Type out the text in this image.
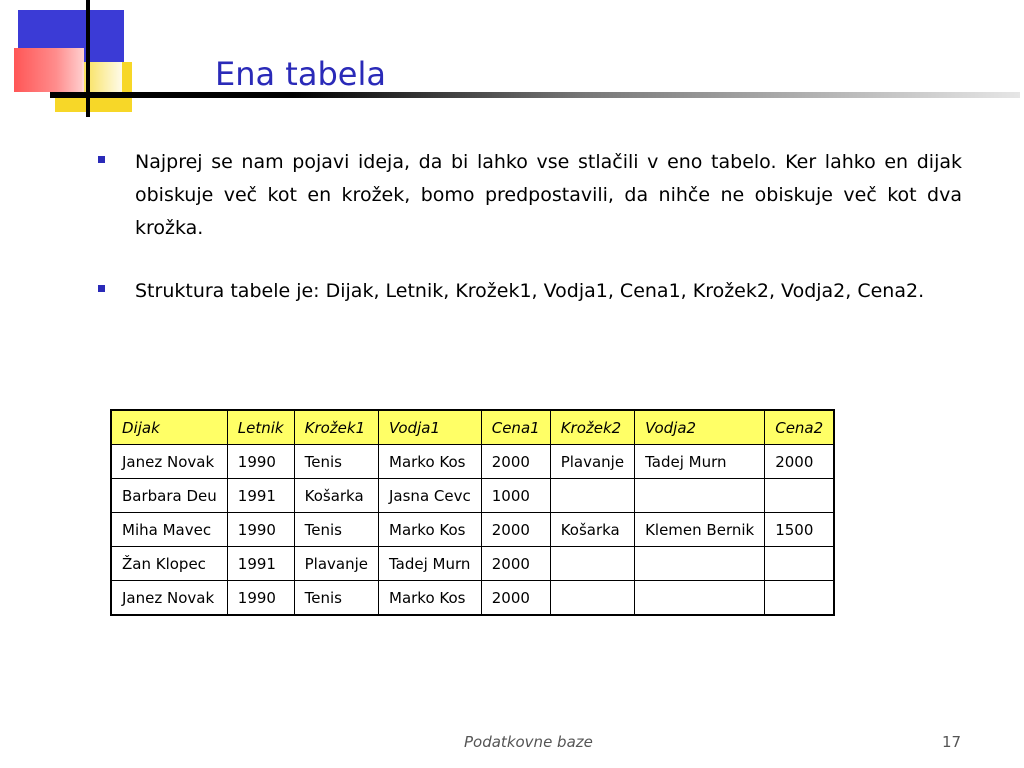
Ena tabela
Najprej se nam pojavi ideja, da bi lahko vse stlačili v eno tabelo. Ker lahko en dijak obiskuje več kot en krožek, bomo predpostavili, da nihče ne obiskuje več kot dva krožka.
Struktura tabele je: Dijak, Letnik, Krožek1, Vodja1, Cena1, Krožek2, Vodja2, Cena2.
Dijak	Letnik	Krožek1	Vodja1	Cena1	Krožek2	Vodja2	Cena2
Janez Novak	1990	Tenis	Marko Kos	2000	Plavanje	Tadej Murn	2000
Barbara Deu	1991	Košarka	Jasna Cevc	1000			
Miha Mavec	1990	Tenis	Marko Kos	2000	Košarka	Klemen Bernik	1500
Žan Klopec	1991	Plavanje	Tadej Murn	2000			
Janez Novak	1990	Tenis	Marko Kos	2000			
Podatkovne baze	17
